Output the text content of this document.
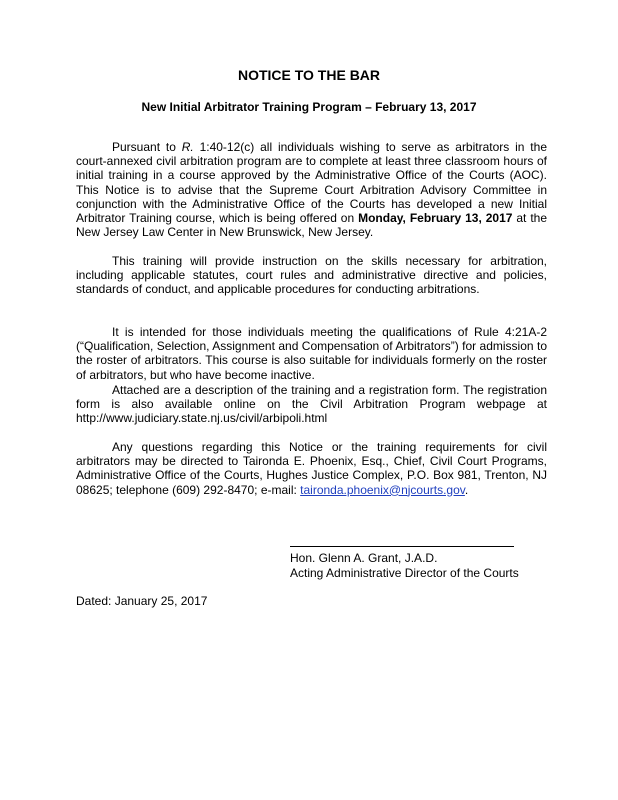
NOTICE TO THE BAR
New Initial Arbitrator Training Program – February 13, 2017

Pursuant to R. 1:40-12(c) all individuals wishing to serve as arbitrators in the court-annexed civil arbitration program are to complete at least three classroom hours of initial training in a course approved by the Administrative Office of the Courts (AOC). This Notice is to advise that the Supreme Court Arbitration Advisory Committee in conjunction with the Administrative Office of the Courts has developed a new Initial Arbitrator Training course, which is being offered on Monday, February 13, 2017 at the New Jersey Law Center in New Brunswick, New Jersey.

This training will provide instruction on the skills necessary for arbitration, including applicable statutes, court rules and administrative directive and policies, standards of conduct, and applicable procedures for conducting arbitrations.

It is intended for those individuals meeting the qualifications of Rule 4:21A-2 (“Qualification, Selection, Assignment and Compensation of Arbitrators”) for admission to the roster of arbitrators. This course is also suitable for individuals formerly on the roster of arbitrators, but who have become inactive.

Attached are a description of the training and a registration form. The registration form is also available online on the Civil Arbitration Program webpage at http://www.judiciary.state.nj.us/civil/arbipoli.html

Any questions regarding this Notice or the training requirements for civil arbitrators may be directed to Taironda E. Phoenix, Esq., Chief, Civil Court Programs, Administrative Office of the Courts, Hughes Justice Complex, P.O. Box 981, Trenton, NJ 08625; telephone (609) 292-8470; e-mail: taironda.phoenix@njcourts.gov.

Hon. Glenn A. Grant, J.A.D.

Acting Administrative Director of the Courts

Dated: January 25, 2017
